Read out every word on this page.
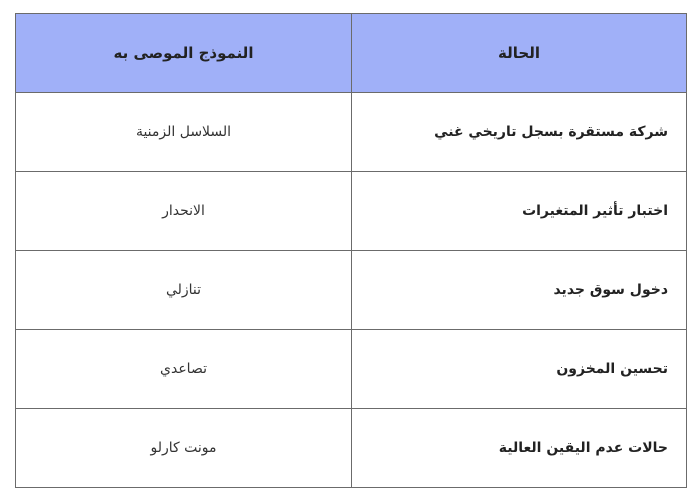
الحالة	النموذج الموصى به
شركة مستقرة بسجل تاريخي غني	السلاسل الزمنية
اختبار تأثير المتغيرات	الانحدار
دخول سوق جديد	تنازلي
تحسين المخزون	تصاعدي
حالات عدم اليقين العالية	مونت كارلو
